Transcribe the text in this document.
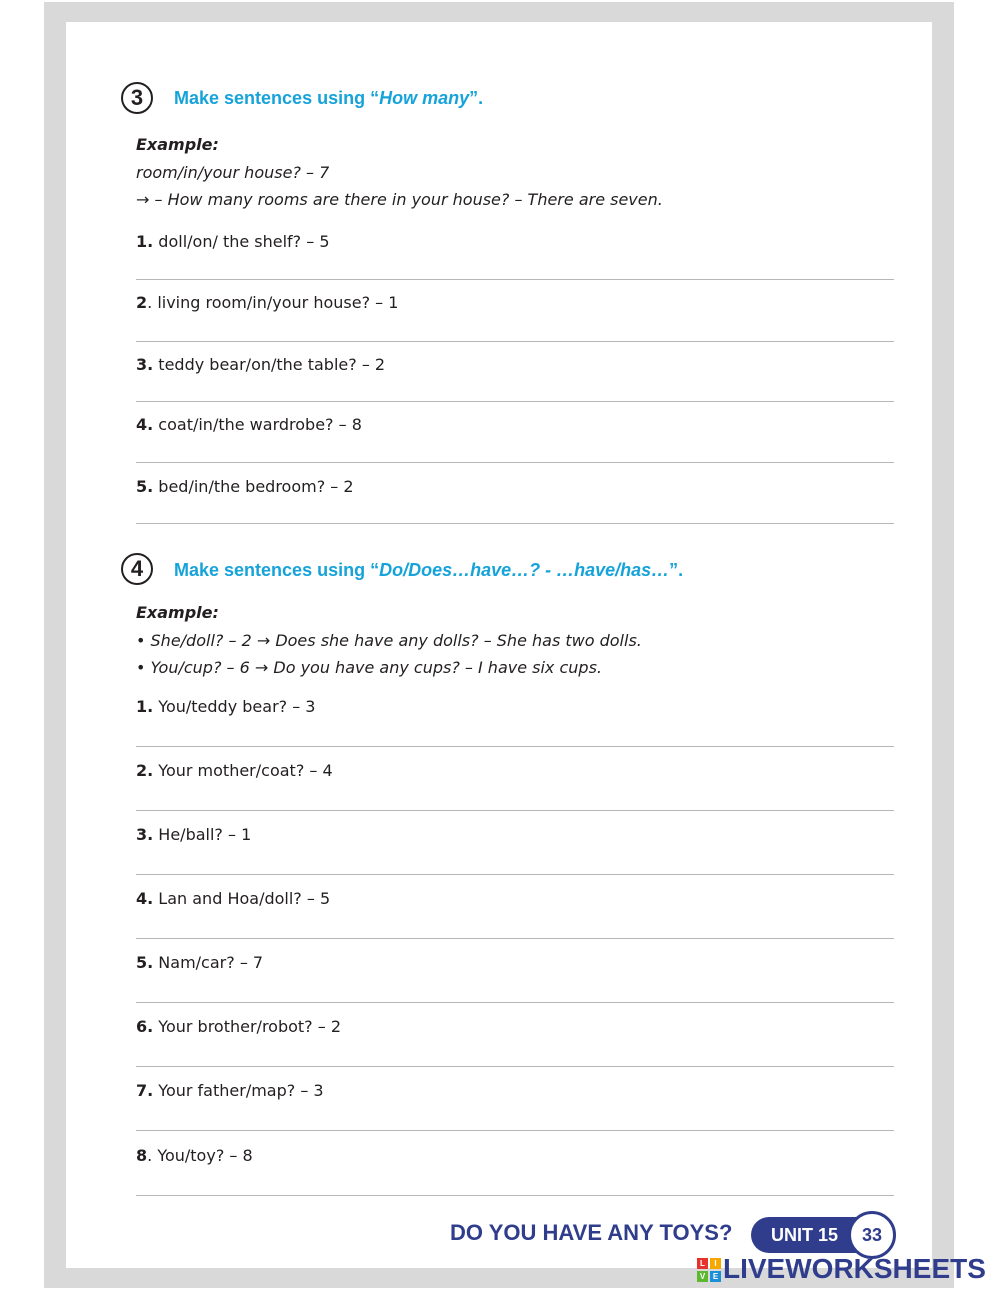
3	Make sentences using “How many”.
Example:
room/in/your house? – 7
→ – How many rooms are there in your house? – There are seven.
1. doll/on/ the shelf? – 5
2. living room/in/your house? – 1
3. teddy bear/on/the table? – 2
4. coat/in/the wardrobe? – 8
5. bed/in/the bedroom? – 2
4	Make sentences using “Do/Does…have…? - …have/has…”.
Example:
• She/doll? – 2 → Does she have any dolls? – She has two dolls.
• You/cup? – 6 → Do you have any cups? – I have six cups.
1. You/teddy bear? – 3
2. Your mother/coat? – 4
3. He/ball? – 1
4. Lan and Hoa/doll? – 5
5. Nam/car? – 7
6. Your brother/robot? – 2
7. Your father/map? – 3
8. You/toy? – 8
DO YOU HAVE ANY TOYS?	UNIT 15	33
L	I
V E LIVEWORKSHEETS
